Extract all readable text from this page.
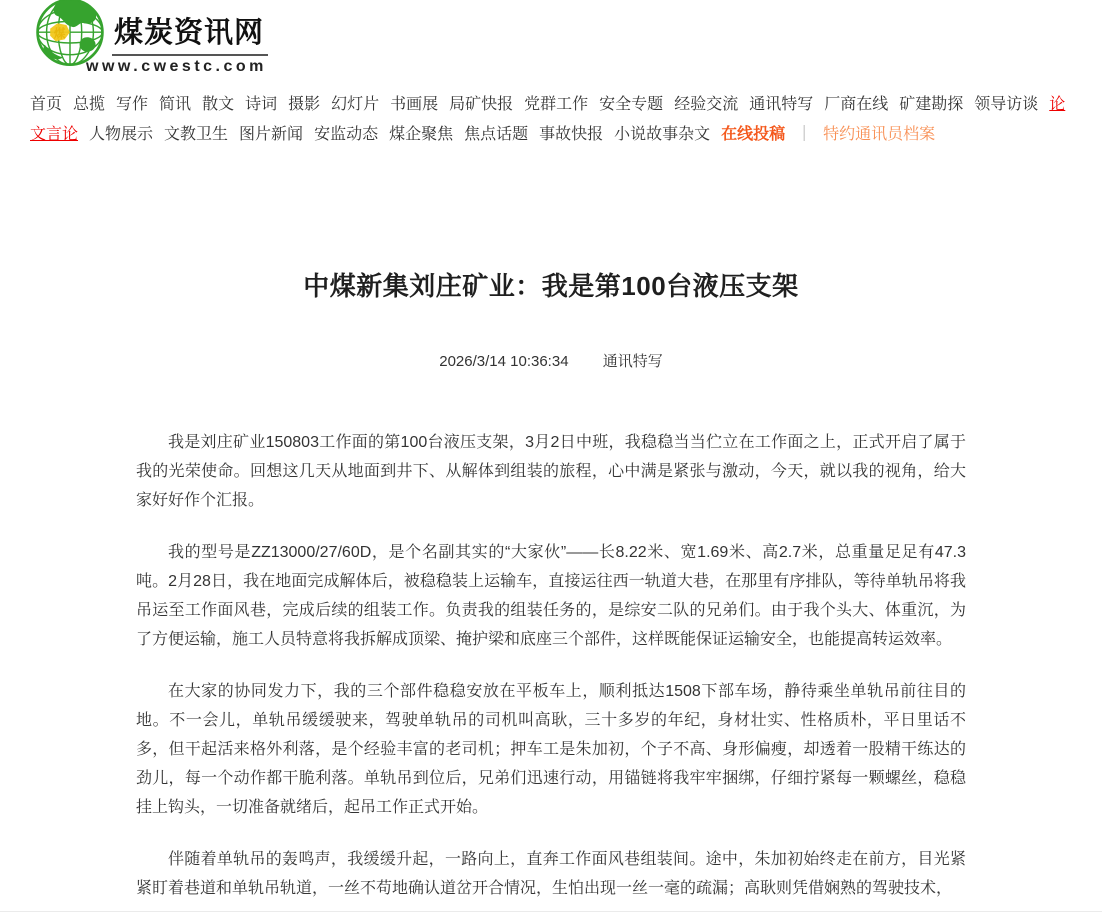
煤 煤炭资讯网
www.cwestc.com
首页 总揽 写作 简讯 散文 诗词 摄影 幻灯片 书画展 局矿快报 党群工作 安全专题 经验交流 通讯特写 厂商在线 矿建勘探 领导访谈 论文言论 人物展示 文教卫生 图片新闻 安监动态 煤企聚焦 焦点话题 事故快报 小说故事杂文 在线投稿 ｜ 特约通讯员档案
中煤新集刘庄矿业：我是第100台液压支架
2026/3/14 10:36:34 通讯特写

我是刘庄矿业150803工作面的第100台液压支架，3月2日中班，我稳稳当当伫立在工作面之上，正式开启了属于我的光荣使命。回想这几天从地面到井下、从解体到组装的旅程，心中满是紧张与激动，今天，就以我的视角，给大家好好作个汇报。

我的型号是ZZ13000/27/60D，是个名副其实的“大家伙”——长8.22米、宽1.69米、高2.7米，总重量足足有47.3吨。2月28日，我在地面完成解体后，被稳稳装上运输车，直接运往西一轨道大巷，在那里有序排队，等待单轨吊将我吊运至工作面风巷，完成后续的组装工作。负责我的组装任务的，是综安二队的兄弟们。由于我个头大、体重沉，为了方便运输，施工人员特意将我拆解成顶梁、掩护梁和底座三个部件，这样既能保证运输安全，也能提高转运效率。

在大家的协同发力下，我的三个部件稳稳安放在平板车上，顺利抵达1508下部车场，静待乘坐单轨吊前往目的地。不一会儿，单轨吊缓缓驶来，驾驶单轨吊的司机叫高耿，三十多岁的年纪，身材壮实、性格质朴，平日里话不多，但干起活来格外利落，是个经验丰富的老司机；押车工是朱加初，个子不高、身形偏瘦，却透着一股精干练达的劲儿，每一个动作都干脆利落。单轨吊到位后，兄弟们迅速行动，用锚链将我牢牢捆绑，仔细拧紧每一颗螺丝，稳稳挂上钩头，一切准备就绪后，起吊工作正式开始。

伴随着单轨吊的轰鸣声，我缓缓升起，一路向上，直奔工作面风巷组装间。途中，朱加初始终走在前方，目光紧紧盯着巷道和单轨吊轨道，一丝不苟地确认道岔开合情况，生怕出现一丝一毫的疏漏；高耿则凭借娴熟的驾驶技术，
